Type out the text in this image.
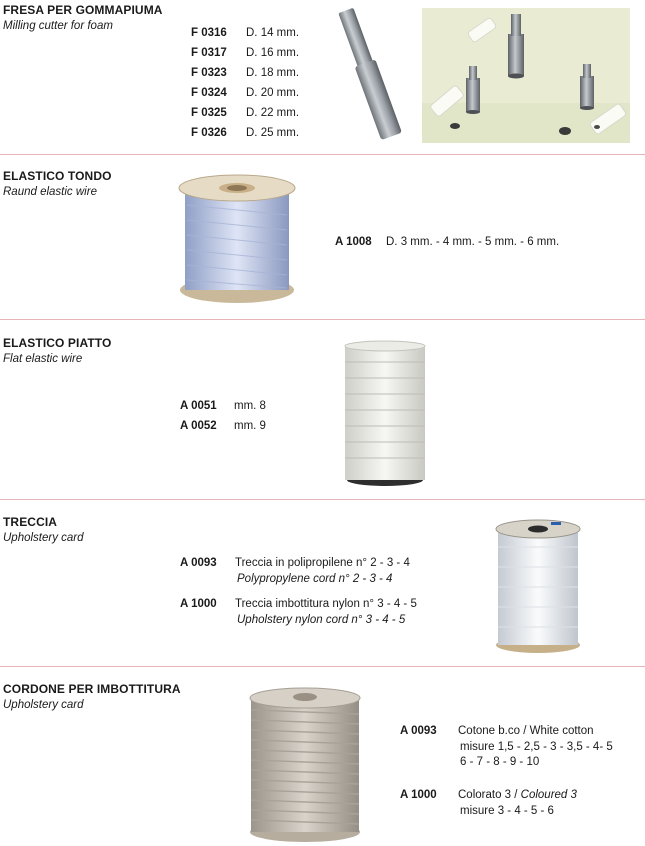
FRESA PER GOMMAPIUMA
Milling cutter for foam
F 0316 D. 14 mm.
F 0317 D. 16 mm.
F 0323 D. 18 mm.
F 0324 D. 20 mm.
F 0325 D. 22 mm.
F 0326 D. 25 mm.
ELASTICO TONDO
Raund elastic wire
A 1008 D. 3 mm. - 4 mm. - 5 mm. - 6 mm.
ELASTICO PIATTO
Flat elastic wire
A 0051 mm. 8
A 0052 mm. 9
TRECCIA
Upholstery card
A 0093 Treccia in polipropilene n° 2 - 3 - 4
Polypropylene cord n° 2 - 3 - 4
A 1000 Treccia imbottitura nylon n° 3 - 4 - 5
Upholstery nylon cord n° 3 - 4 - 5
CORDONE PER IMBOTTITURA
Upholstery card
A 0093 Cotone b.co / White cotton
misure 1,5 - 2,5 - 3 - 3,5 - 4- 5
6 - 7 - 8 - 9 - 10
A 1000 Colorato 3 / Coloured 3
misure 3 - 4 - 5 - 6
